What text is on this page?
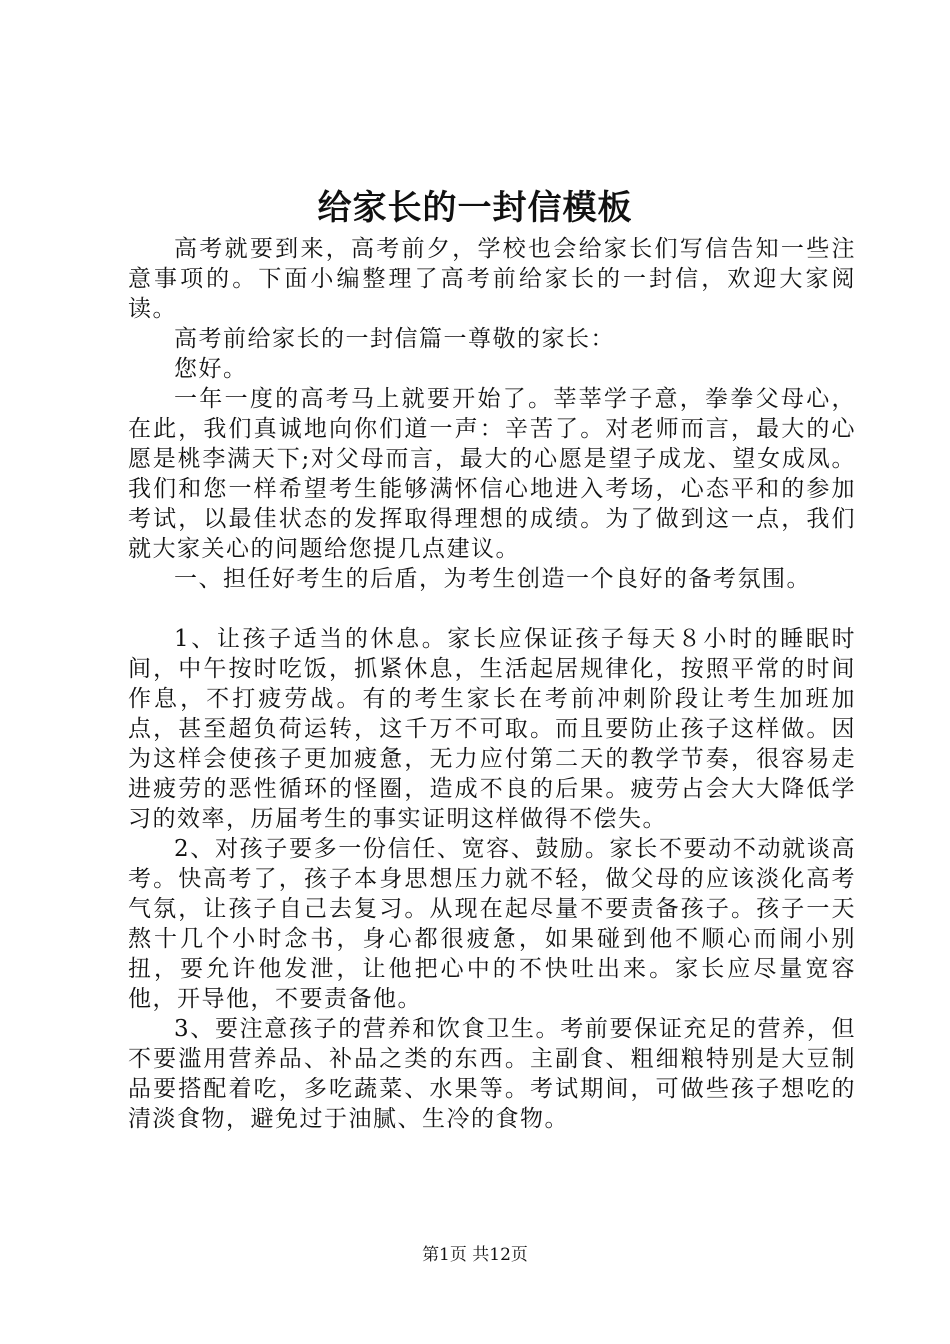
给家长的一封信模板

高考就要到来，高考前夕，学校也会给家长们写信告知一些注意事项的。下面小编整理了高考前给家长的一封信，欢迎大家阅读。

高考前给家长的一封信篇一尊敬的家长：

您好。

一年一度的高考马上就要开始了。莘莘学子意，拳拳父母心，在此，我们真诚地向你们道一声：辛苦了。对老师而言，最大的心愿是桃李满天下;对父母而言，最大的心愿是望子成龙、望女成凤。我们和您一样希望考生能够满怀信心地进入考场，心态平和的参加考试，以最佳状态的发挥取得理想的成绩。为了做到这一点，我们就大家关心的问题给您提几点建议。

一、担任好考生的后盾，为考生创造一个良好的备考氛围。

1、让孩子适当的休息。家长应保证孩子每天８小时的睡眠时间，中午按时吃饭，抓紧休息，生活起居规律化，按照平常的时间作息，不打疲劳战。有的考生家长在考前冲刺阶段让考生加班加点，甚至超负荷运转，这千万不可取。而且要防止孩子这样做。因为这样会使孩子更加疲惫，无力应付第二天的教学节奏，很容易走进疲劳的恶性循环的怪圈，造成不良的后果。疲劳占会大大降低学习的效率，历届考生的事实证明这样做得不偿失。

2、对孩子要多一份信任、宽容、鼓励。家长不要动不动就谈高考。快高考了，孩子本身思想压力就不轻，做父母的应该淡化高考气氛，让孩子自己去复习。从现在起尽量不要责备孩子。孩子一天熬十几个小时念书，身心都很疲惫，如果碰到他不顺心而闹小别扭，要允许他发泄，让他把心中的不快吐出来。家长应尽量宽容他，开导他，不要责备他。

3、要注意孩子的营养和饮食卫生。考前要保证充足的营养，但不要滥用营养品、补品之类的东西。主副食、粗细粮特别是大豆制品要搭配着吃，多吃蔬菜、水果等。考试期间，可做些孩子想吃的清淡食物，避免过于油腻、生冷的食物。

第1页 共12页
